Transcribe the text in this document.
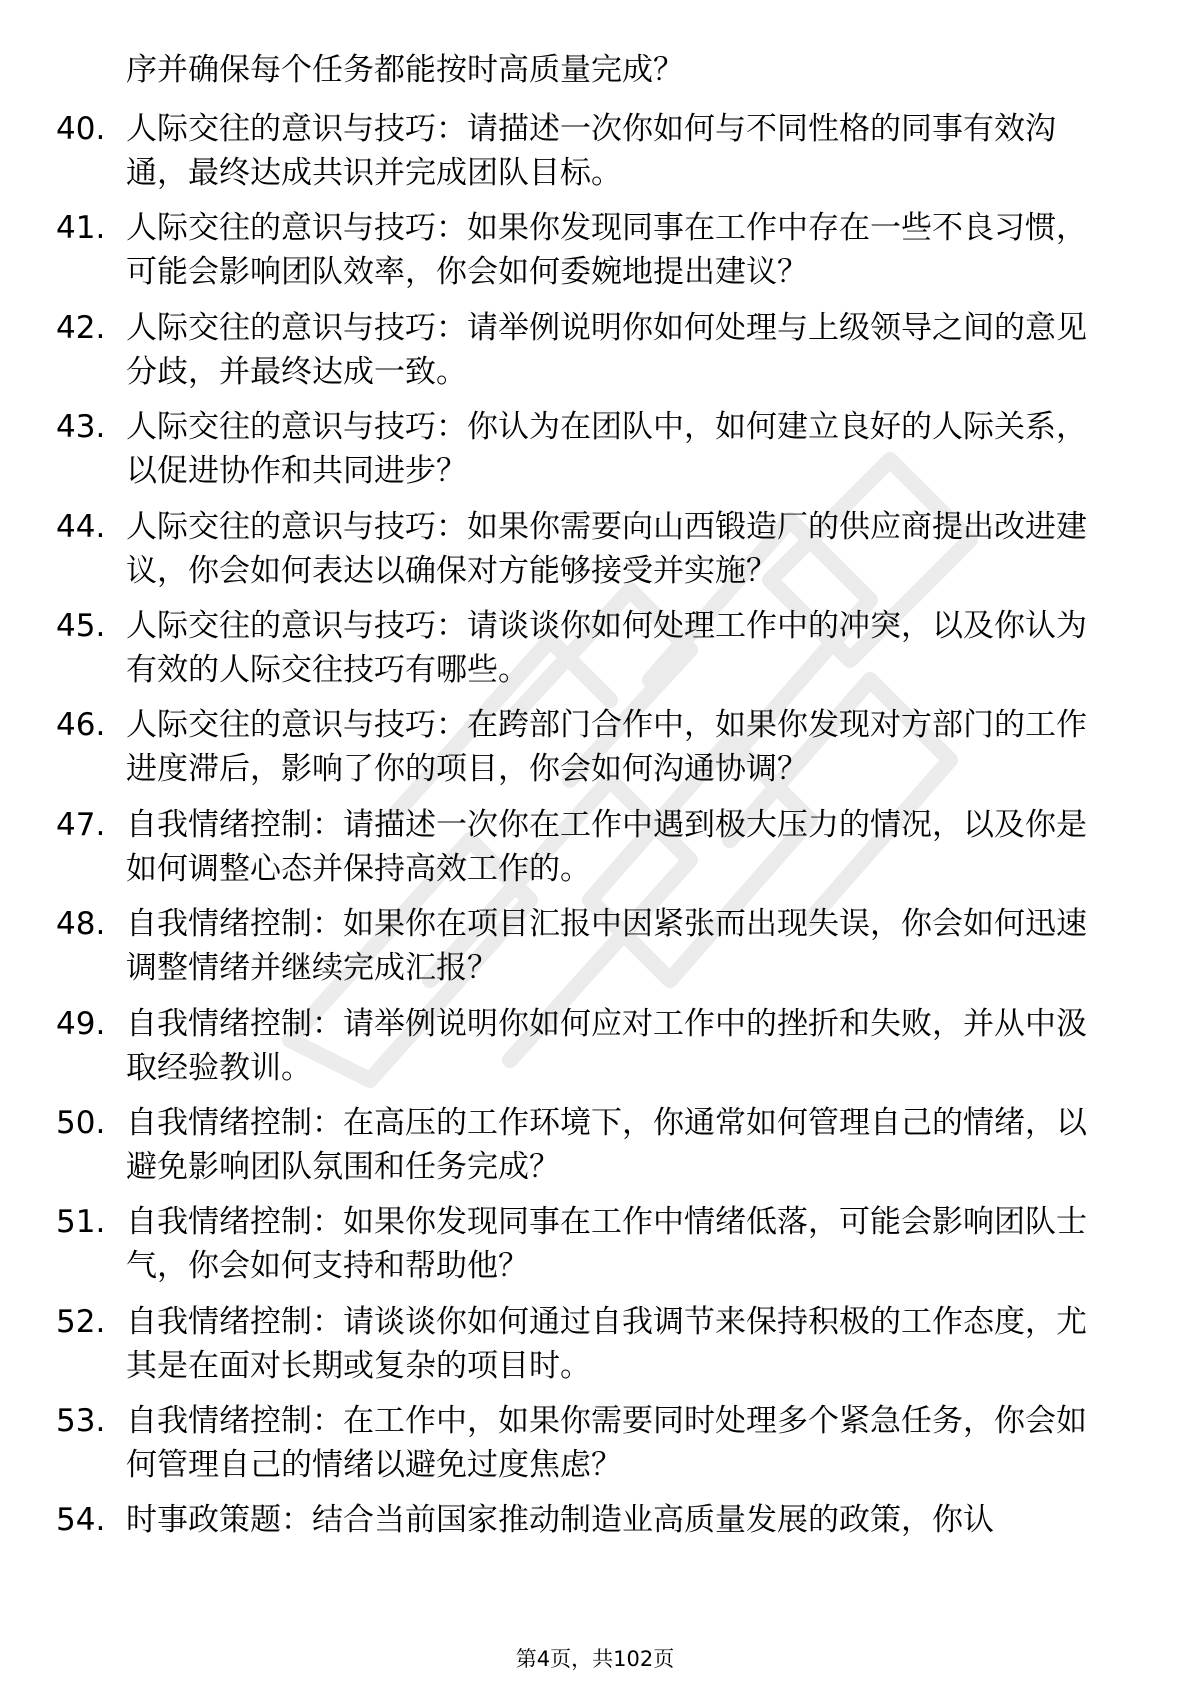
序并确保每个任务都能按时高质量完成？
40. 人际交往的意识与技巧：请描述一次你如何与不同性格的同事有效沟通，最终达成共识并完成团队目标。
41. 人际交往的意识与技巧：如果你发现同事在工作中存在一些不良习惯，可能会影响团队效率，你会如何委婉地提出建议？
42. 人际交往的意识与技巧：请举例说明你如何处理与上级领导之间的意见分歧，并最终达成一致。
43. 人际交往的意识与技巧：你认为在团队中，如何建立良好的人际关系，以促进协作和共同进步？
44. 人际交往的意识与技巧：如果你需要向山西锻造厂的供应商提出改进建议，你会如何表达以确保对方能够接受并实施？
45. 人际交往的意识与技巧：请谈谈你如何处理工作中的冲突，以及你认为有效的人际交往技巧有哪些。
46. 人际交往的意识与技巧：在跨部门合作中，如果你发现对方部门的工作进度滞后，影响了你的项目，你会如何沟通协调？
47. 自我情绪控制：请描述一次你在工作中遇到极大压力的情况，以及你是如何调整心态并保持高效工作的。
48. 自我情绪控制：如果你在项目汇报中因紧张而出现失误，你会如何迅速调整情绪并继续完成汇报？
49. 自我情绪控制：请举例说明你如何应对工作中的挫折和失败，并从中汲取经验教训。
50. 自我情绪控制：在高压的工作环境下，你通常如何管理自己的情绪，以避免影响团队氛围和任务完成？
51. 自我情绪控制：如果你发现同事在工作中情绪低落，可能会影响团队士气，你会如何支持和帮助他？
52. 自我情绪控制：请谈谈你如何通过自我调节来保持积极的工作态度，尤其是在面对长期或复杂的项目时。
53. 自我情绪控制：在工作中，如果你需要同时处理多个紧急任务，你会如何管理自己的情绪以避免过度焦虑？
54. 时事政策题：结合当前国家推动制造业高质量发展的政策，你认
第4页，共102页
